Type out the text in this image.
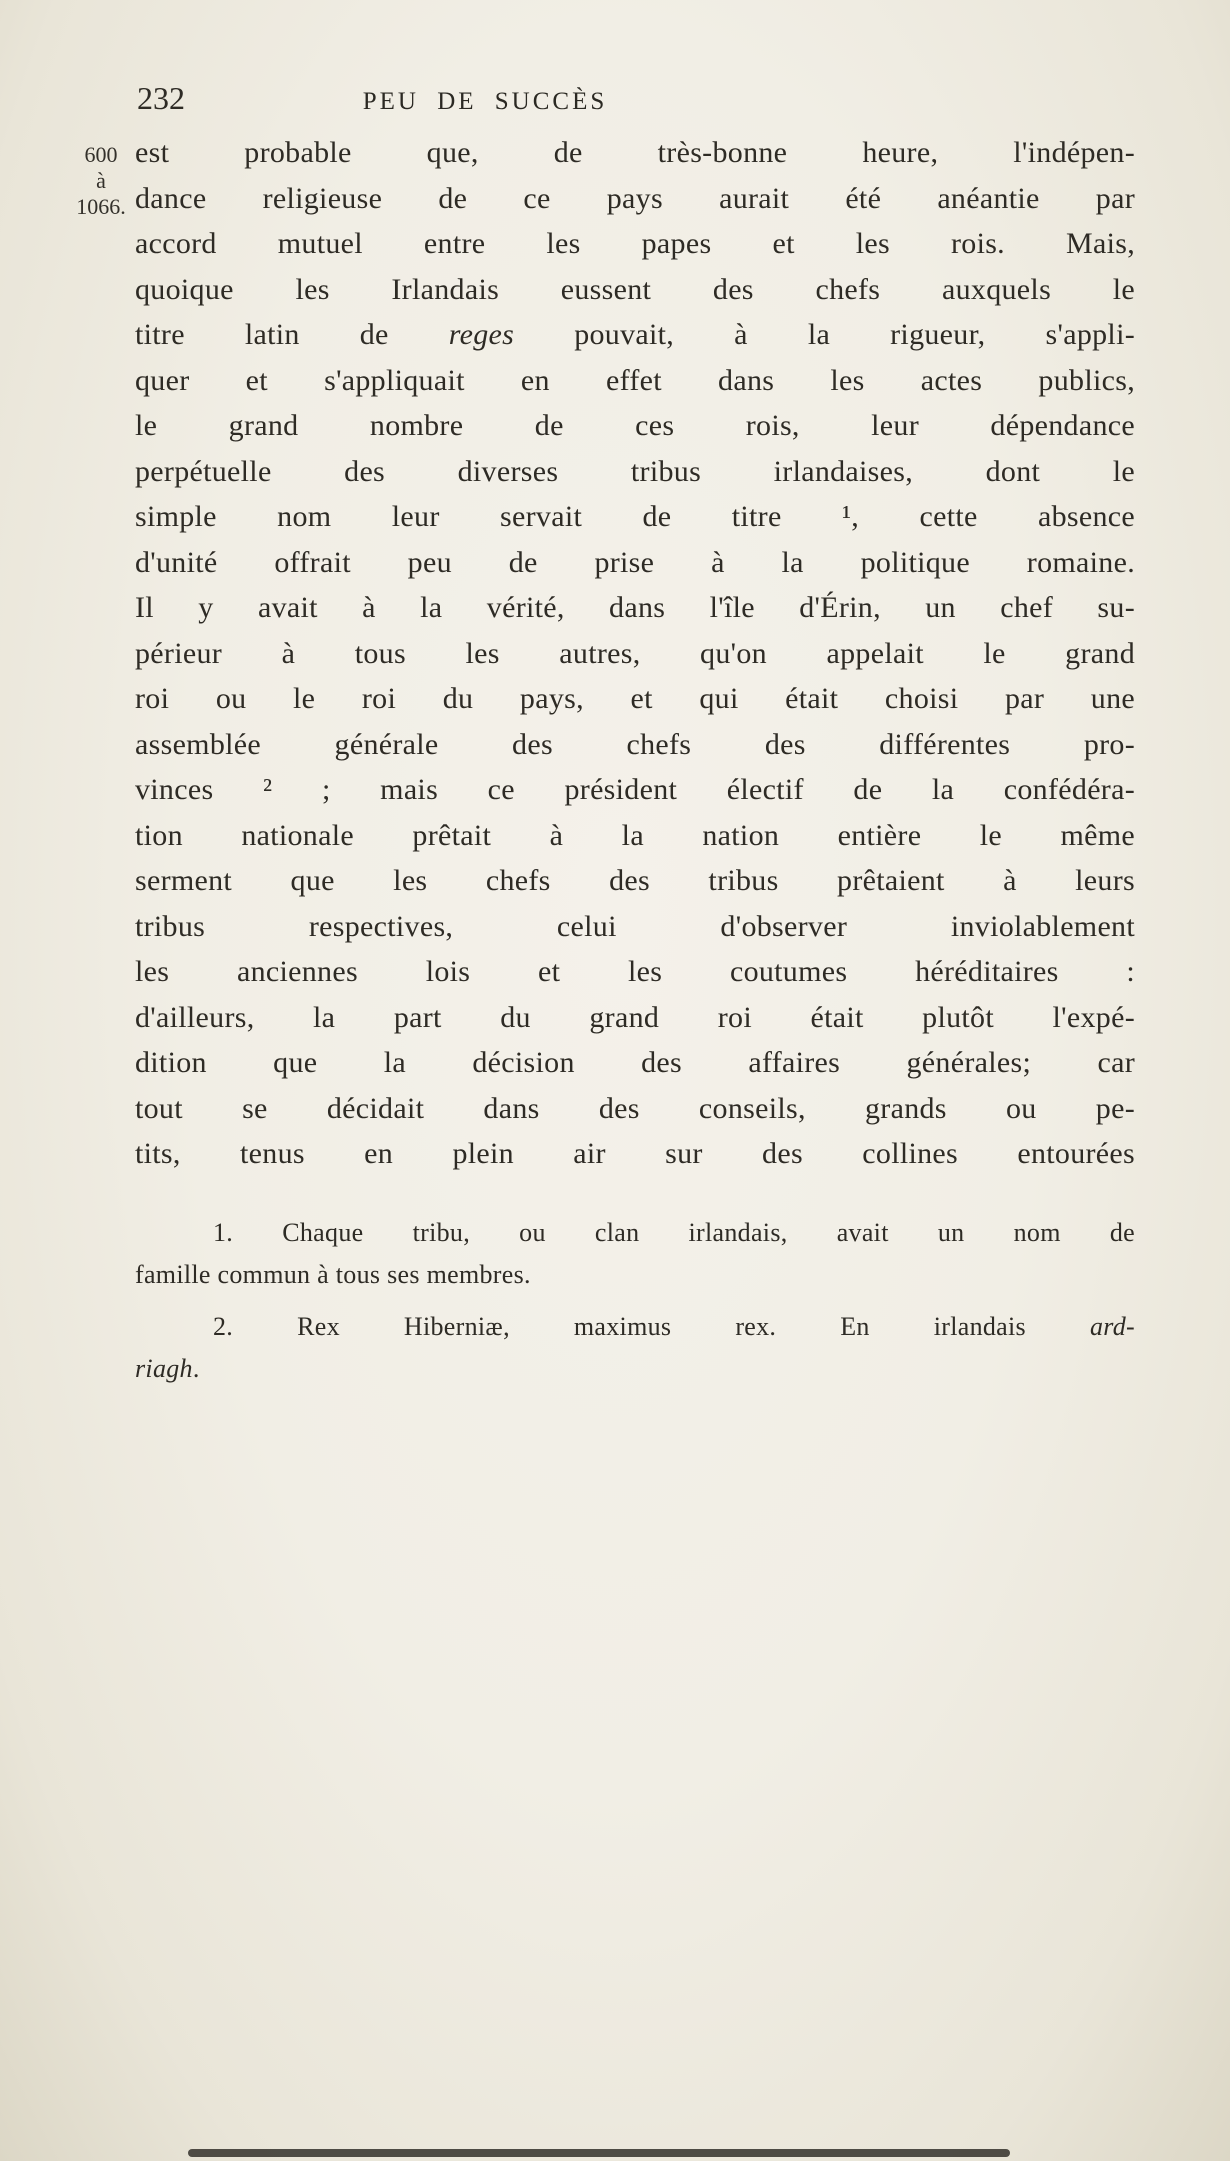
232	PEU DE SUCCÈS
600
à
1066.
est probable que, de très-bonne heure, l'indépen-
dance religieuse de ce pays aurait été anéantie par
accord mutuel entre les papes et les rois. Mais,
quoique les Irlandais eussent des chefs auxquels le
titre latin de reges pouvait, à la rigueur, s'appli-
quer et s'appliquait en effet dans les actes publics,
le grand nombre de ces rois, leur dépendance
perpétuelle des diverses tribus irlandaises, dont le
simple nom leur servait de titre ¹, cette absence
d'unité offrait peu de prise à la politique romaine.
Il y avait à la vérité, dans l'île d'Érin, un chef su-
périeur à tous les autres, qu'on appelait le grand
roi ou le roi du pays, et qui était choisi par une
assemblée générale des chefs des différentes pro-
vinces ² ; mais ce président électif de la confédéra-
tion nationale prêtait à la nation entière le même
serment que les chefs des tribus prêtaient à leurs
tribus respectives, celui d'observer inviolablement
les anciennes lois et les coutumes héréditaires :
d'ailleurs, la part du grand roi était plutôt l'expé-
dition que la décision des affaires générales; car
tout se décidait dans des conseils, grands ou pe-
tits, tenus en plein air sur des collines entourées
1. Chaque tribu, ou clan irlandais, avait un nom de
famille commun à tous ses membres.
2. Rex Hiberniæ, maximus rex. En irlandais ard-
riagh.
